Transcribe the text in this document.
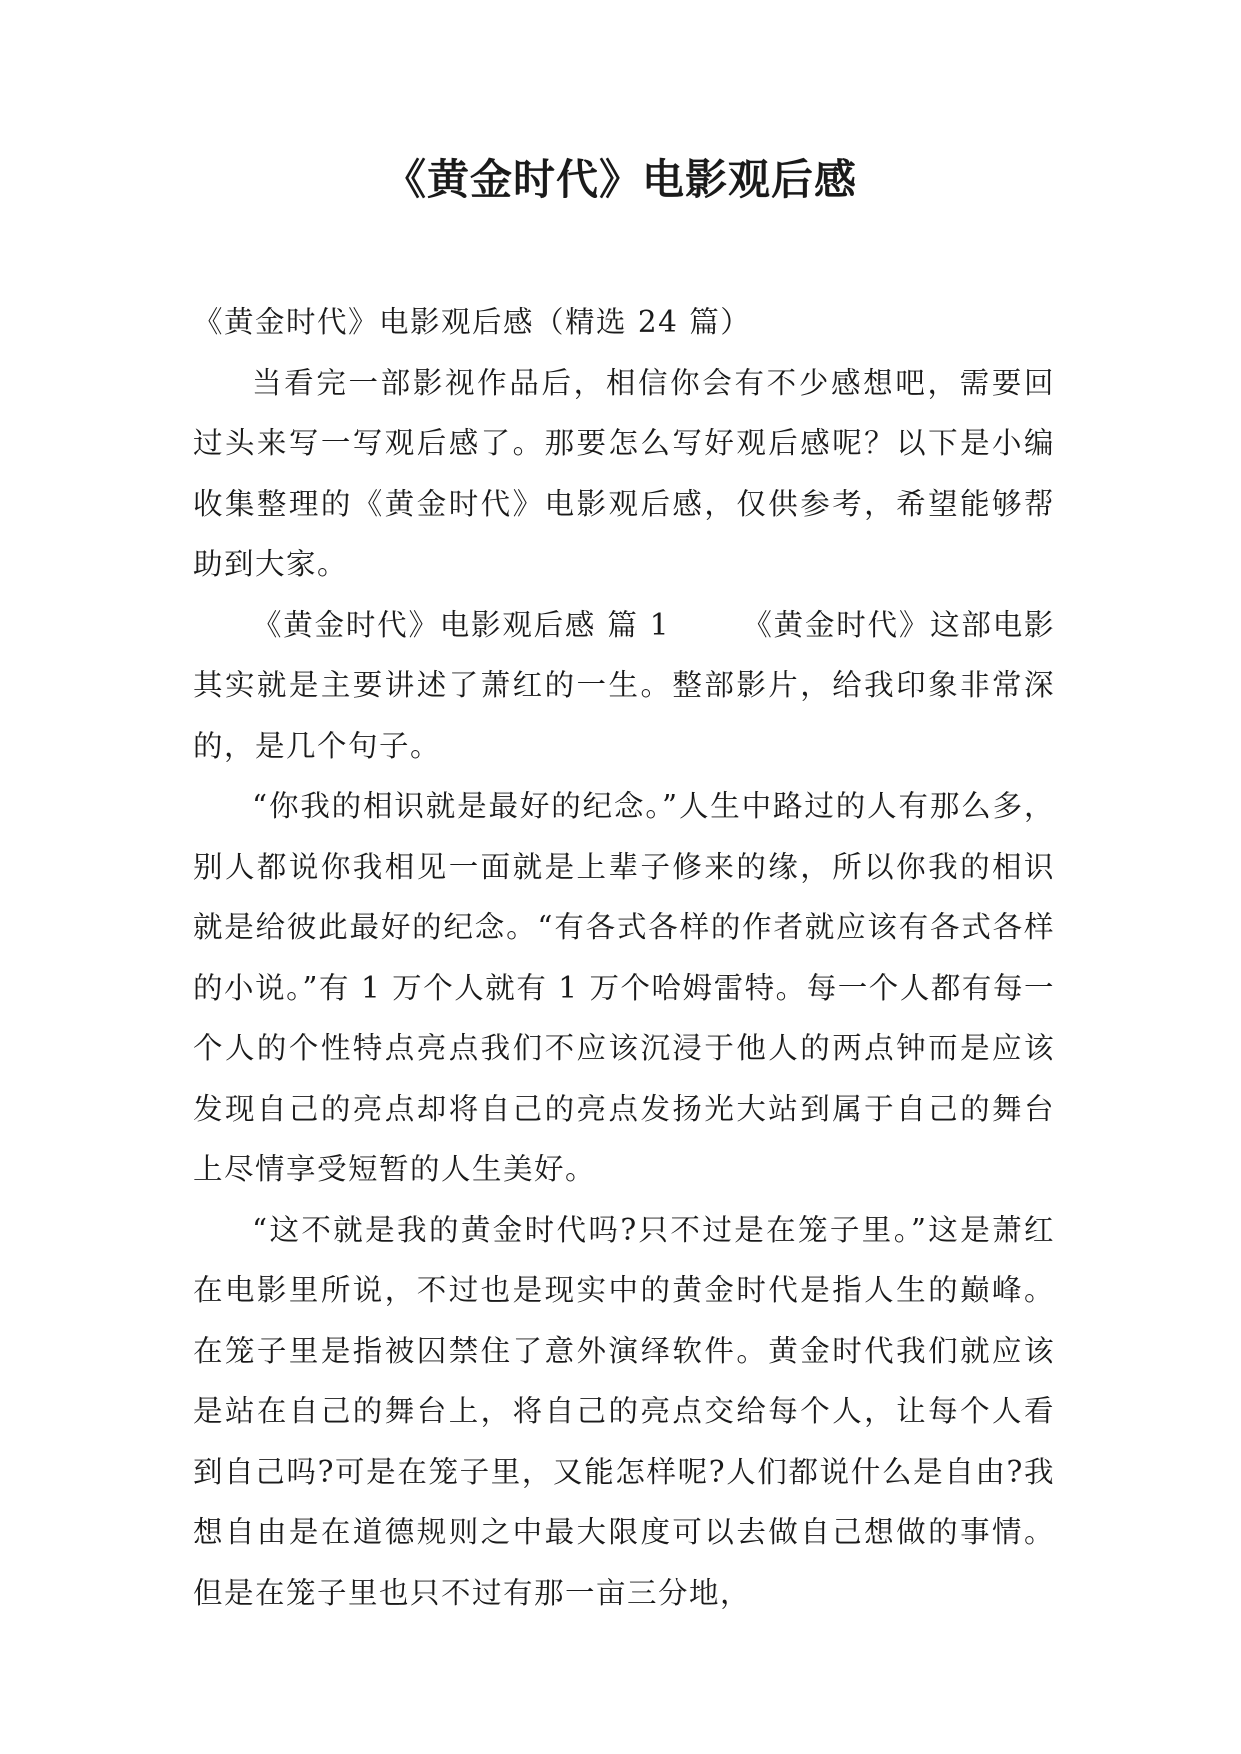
《黄金时代》电影观后感

《黄金时代》电影观后感（精选 24 篇）

当看完一部影视作品后，相信你会有不少感想吧，需要回过头来写一写观后感了。那要怎么写好观后感呢？以下是小编收集整理的《黄金时代》电影观后感，仅供参考，希望能够帮助到大家。

《黄金时代》电影观后感 篇 1 《黄金时代》这部电影其实就是主要讲述了萧红的一生。整部影片，给我印象非常深的，是几个句子。

“你我的相识就是最好的纪念。”人生中路过的人有那么多，别人都说你我相见一面就是上辈子修来的缘，所以你我的相识就是给彼此最好的纪念。“有各式各样的作者就应该有各式各样的小说。”有 1 万个人就有 1 万个哈姆雷特。每一个人都有每一个人的个性特点亮点我们不应该沉浸于他人的两点钟而是应该发现自己的亮点却将自己的亮点发扬光大站到属于自己的舞台上尽情享受短暂的人生美好。

“这不就是我的黄金时代吗?只不过是在笼子里。”这是萧红在电影里所说，不过也是现实中的黄金时代是指人生的巅峰。在笼子里是指被囚禁住了意外演绎软件。黄金时代我们就应该是站在自己的舞台上，将自己的亮点交给每个人，让每个人看到自己吗?可是在笼子里，又能怎样呢?人们都说什么是自由?我想自由是在道德规则之中最大限度可以去做自己想做的事情。但是在笼子里也只不过有那一亩三分地，
